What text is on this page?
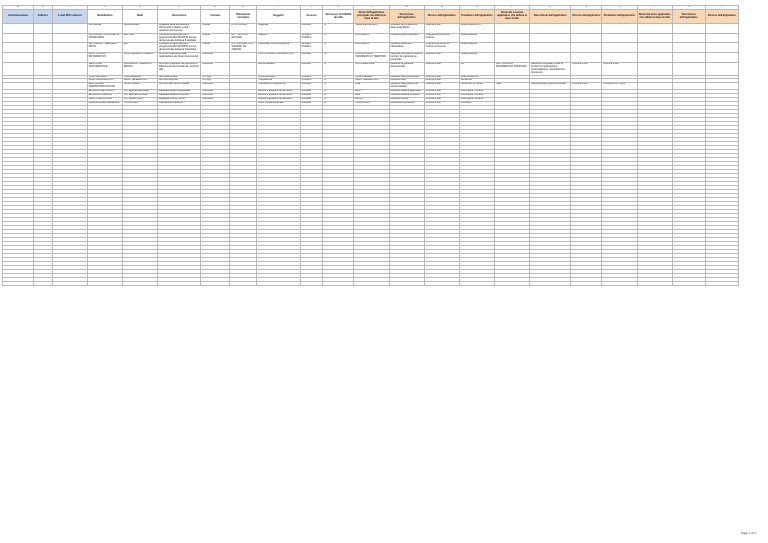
A	B	C	D	E	F	G	H	I	J	K	L	M	N	O	P	Q	R	S	T	U	V
Amministrazione	Indirizzo	e-mail PEC referenti	Identificativo	Stato	Descrizione	Formato	Riferimento normativo	Soggetto	Accesso	Servizi per la fruibilità dei dati	Nome dell'applicativo principale che utilizza la base di dati	Descrizione dell'applicativo	Ricorso dell'applicativo	Produttore dell'applicativo	Nome del secondo applicativo che utilizza la base di dati	Descrizione dell'applicativo	Ricorso dell'applicativo	Produttore dell'applicativo	Nome del terzo applicativo che utilizza la base di dati	Descrizione dell'applicativo	Ricorso dell'applicativo
			ANTARIDE	ANAGRAFAN	Anagrafe della popolazione. Informazioni relative a tutti i residenti nel Comune	Oracle	D.P.R. 223/89	Anagrafe	Ristretto	N	TEAM DE LAZARIS	Software per la gestione delle anagrafiche	Licenza d'uso	Ditta Mondinet s.r.l.							
			AUSTERNO CONTABILITA' FINANZIARIA	ENI 1995	Contiene la base dati per il programma DECISIONNS ad uso del personale dell'area finanziaria	Oracle	DL 77/95 e D.L. 267/2000	Bilancio	Limitato - Pubblico	N	AUSTERNO	Gestione area finanziaria	Programma fornito ai Comuni	Ditta Mondinet							
			AUSTERNO - MEMORIA PROG	ENI	Contiene la base dati per il programma DECISIONNS ad uso del personale dell'area finanziaria	Oracle	D.L. 267/2000, D.L. 112/2008, D.L. 118/2011	Personale, Amministrazione	Limitato - Pubblico	N	AUSTERNO	Gestione stipendi e fatturazione	Programma fornito ai Comuni in licenza	Ditta Mondinet							
			PROTOCOLLO INFORMATICO	ICOM Spa EDOIT PEDOC	Archivio di gestione della registrazione dei flussi documentali	ORACLE		PROTOCOLLO INFORMATICO	Ristretto	N	PROTOCOLLO INFORMATICO TRENTINO	Gestione completa di tutte le funzioni di registrazione protocollo	Licenza d'uso	Ditta Mondinet							
			GESTIONE DOCUMENTALE	ICOM EDOIT Spa EDOIT PEDOC	Archivio di gestione dei documenti. Riferimento del formato file. Archivio dati	ORACLE		Amministrativo	Ristretto	N	DOCUMENTALE	Gestione di gestione documentale	Licenza d'uso	PA	PROTOCOLLO INFORMATICO TRENTINO	Gestione completa di tutte le funzioni di registrazione, protocollazione, fascicolazione documenti	Licenza d'uso	Licenza d'uso			
			PORTALE WEB	COMUNEWEB	Sito istituzionale	MYSQL		Comunicazione	Pubblico	N	COMUNEWEB	Gestione sito istituzionale	Licenza d'uso	Ditta Consorzio							
			ALBO INFORMATICO	ALBO TELEMATICO	Archivio degli atti	MYSQL		Trasparenza	Pubblico	N	ALBO TELEMATICO	Gestione albo	Licenza d'uso	Consorzio							
			EDITORIALE AMMINISTRATIVA SAS	Servizi Sociali	Archivio dati Servizi Sociali	ORACLE		Previdenza e assistenza	Ristretto	N	SSE	Gestione della posizione amministrativa	Licenza d'uso	Consorzio di Trento	SSE	Gestione dello sportello sociale	Licenza d'uso	Consorzio di Trento			
			EDILIZIA AGEVOLATA	ICH Edilizia Agevolata	Database Edilizia Agevolata	ORACLE		Edilizia e gestione del territorio	Ristretto	N	EDA	Gestione Edilizia Agevolata	Licenza d'uso	Informatica Trentina							
			EDILIZIA PUBBLICA	ICH Edilizia Pubblica	Database Edilizia Pubblica	ORACLE		Edilizia e gestione del territorio	Ristretto	N	EDP	Gestione Edilizia Pubblica	Licenza d'uso	Informatica Trentina							
			GESTIONE BOCCIA	ICH Bocce Ufficio	Database Bocce Ufficio	ORACLE		Edilizia e gestione del territorio	Ristretto	N	BOCC	Gestione Bocce	Licenza d'uso	Informatica Trentina							
			RILEVAZIONE PRESENZE	Time & Work	Rilevazione presenze			Uffici, Ufficio personale	Ristretto	N	Time & Work	Rilevazione presenze	Licenza d'uso	Zucchetti							

Page 1 di 1
